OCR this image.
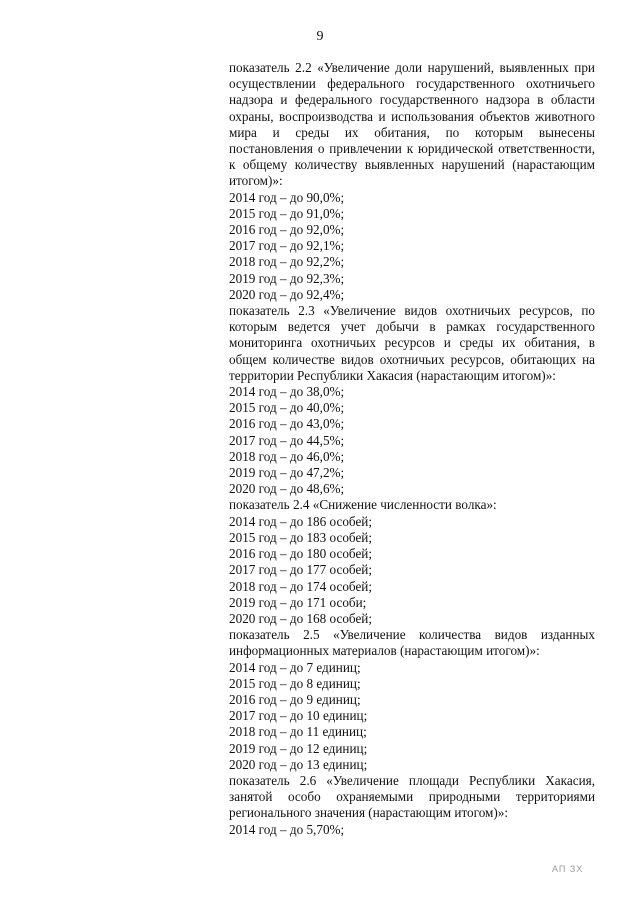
9

показатель 2.2 «Увеличение доли нарушений, выявленных при осуществлении федерального государственного охотничьего надзора и федерального государственного надзора в области охраны, воспроизводства и использования объектов животного мира и среды их обитания, по которым вынесены постановления о привлечении к юридической ответственности, к общему количеству выявленных нарушений (нарастающим итогом)»:

2014 год – до 90,0%;

2015 год – до 91,0%;

2016 год – до 92,0%;

2017 год – до 92,1%;

2018 год – до 92,2%;

2019 год – до 92,3%;

2020 год – до 92,4%;

показатель 2.3 «Увеличение видов охотничьих ресурсов, по которым ведется учет добычи в рамках государственного мониторинга охотничьих ресурсов и среды их обитания, в общем количестве видов охотничьих ресурсов, обитающих на территории Республики Хакасия (нарастающим итогом)»:

2014 год – до 38,0%;

2015 год – до 40,0%;

2016 год – до 43,0%;

2017 год – до 44,5%;

2018 год – до 46,0%;

2019 год – до 47,2%;

2020 год – до 48,6%;

показатель 2.4 «Снижение численности волка»:

2014 год – до 186 особей;

2015 год – до 183 особей;

2016 год – до 180 особей;

2017 год – до 177 особей;

2018 год – до 174 особей;

2019 год – до 171 особи;

2020 год – до 168 особей;

показатель 2.5 «Увеличение количества видов изданных информационных материалов (нарастающим итогом)»:

2014 год – до 7 единиц;

2015 год – до 8 единиц;

2016 год – до 9 единиц;

2017 год – до 10 единиц;

2018 год – до 11 единиц;

2019 год – до 12 единиц;

2020 год – до 13 единиц;

показатель 2.6 «Увеличение площади Республики Хакасия, занятой особо охраняемыми природными территориями регионального значения (нарастающим итогом)»:

2014 год – до 5,70%;

АП ЗХ
